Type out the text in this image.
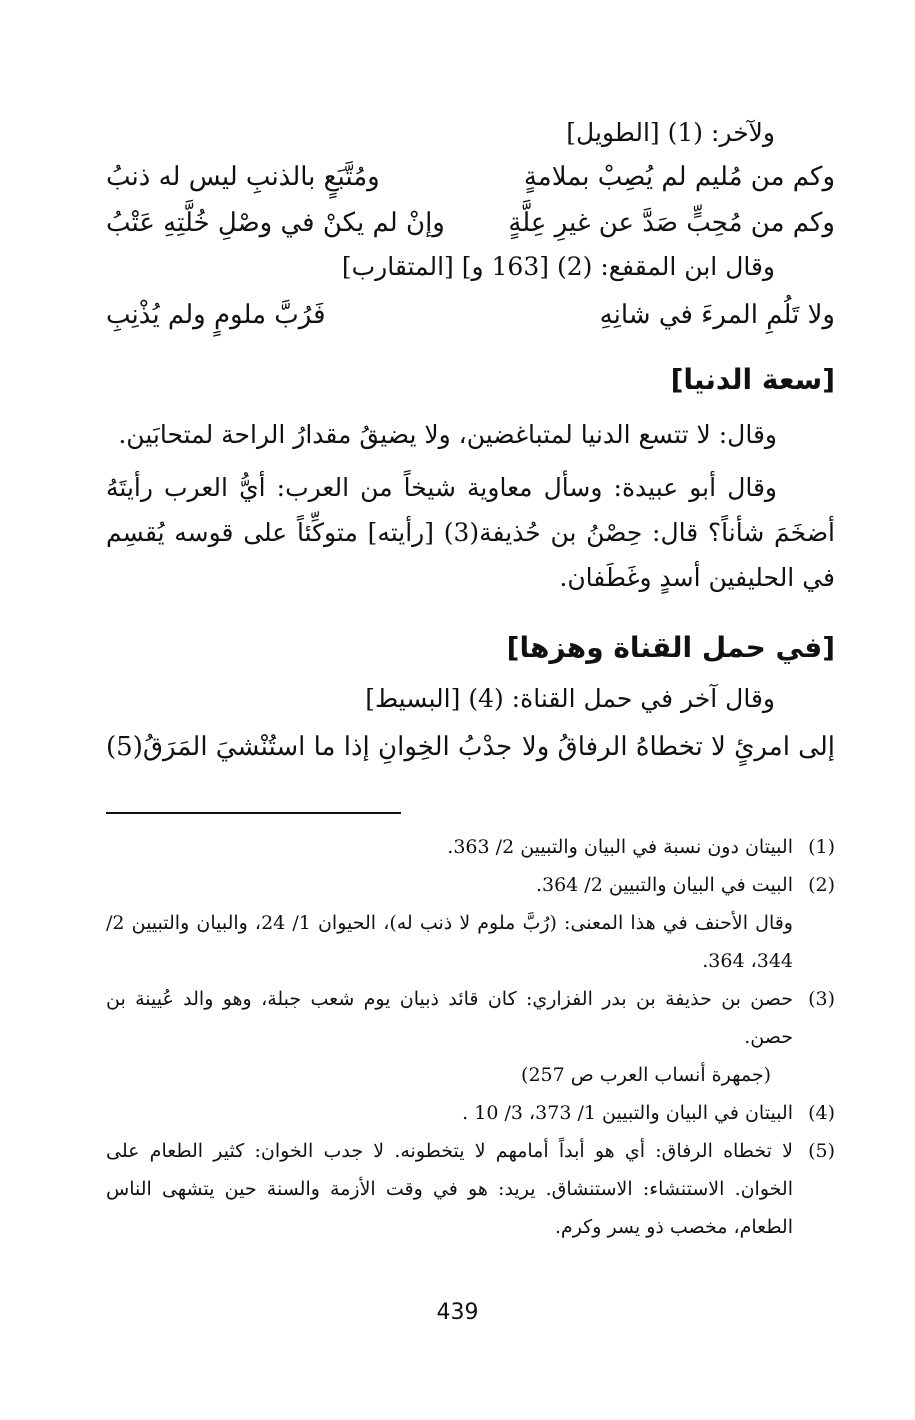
ولآخر: (1) [الطويل]

وكم من مُليم لم يُصِبْ بملامةٍ
ومُتَّبَعٍ بالذنبِ ليس له ذنبُ
وكم من مُحِبٍّ صَدَّ عن غيرِ عِلَّةٍ
وإنْ لم يكنْ في وصْلِ خُلَّتِهِ عَتْبُ

وقال ابن المقفع: (2) [163 و] [المتقارب]

ولا تَلُمِ المرءَ في شانِهِ
فَرُبَّ ملومٍ ولم يُذْنِبِ
[سعة الدنيا]

وقال: لا تتسع الدنيا لمتباغضين، ولا يضيقُ مقدارُ الراحة لمتحابَين.

وقال أبو عبيدة: وسأل معاوية شيخاً من العرب: أيُّ العرب رأيتَهُ أضخَمَ شأناً؟ قال: حِصْنُ بن حُذيفة(3) [رأيته] متوكِّئاً على قوسه يُقسِم في الحليفين أسدٍ وغَطَفان.

[في حمل القناة وهزها]

وقال آخر في حمل القناة: (4) [البسيط]

إلى امرئٍ لا تخطاهُ الرفاقُ ولا
جدْبُ الخِوانِ إذا ما استُنْشيَ المَرَقُ(5)
(1)
البيتان دون نسبة في البيان والتبيين 2/ 363.
(2)
البيت في البيان والتبيين 2/ 364.
وقال الأحنف في هذا المعنى: (رُبَّ ملوم لا ذنب له)، الحيوان 1/ 24، والبيان والتبيين 2/ 344، 364.
(3)
حصن بن حذيفة بن بدر الفزاري: كان قائد ذبيان يوم شعب جبلة، وهو والد عُيينة بن حصن.
(جمهرة أنساب العرب ص 257)
(4)
البيتان في البيان والتبيين 1/ 373، 3/ 10 .
(5)
لا تخطاه الرفاق: أي هو أبداً أمامهم لا يتخطونه. لا جدب الخوان: كثير الطعام على الخوان. الاستنشاء: الاستنشاق. يريد: هو في وقت الأزمة والسنة حين يتشهى الناس الطعام، مخصب ذو يسر وكرم.
439
